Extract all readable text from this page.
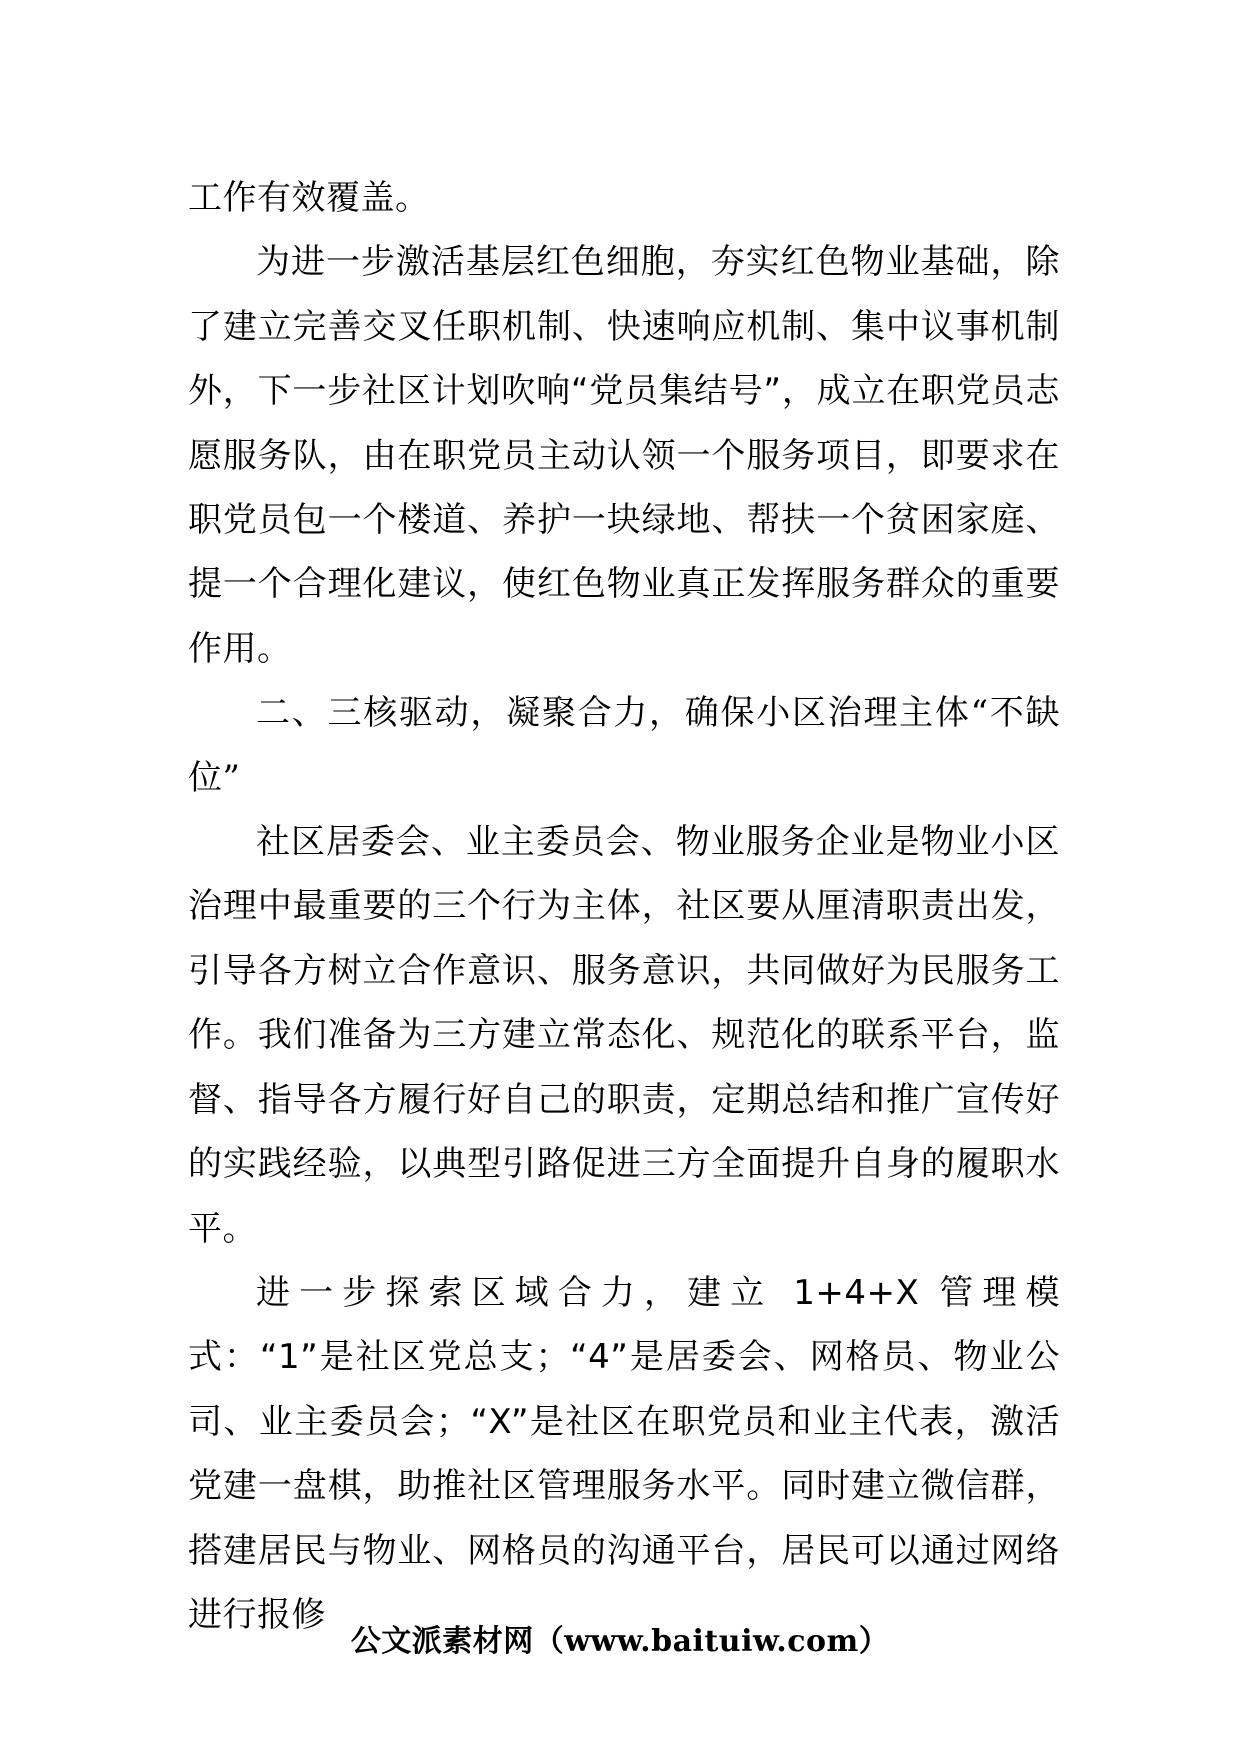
工作有效覆盖。

为进一步激活基层红色细胞，夯实红色物业基础，除了建立完善交叉任职机制、快速响应机制、集中议事机制外，下一步社区计划吹响“党员集结号”，成立在职党员志愿服务队，由在职党员主动认领一个服务项目，即要求在职党员包一个楼道、养护一块绿地、帮扶一个贫困家庭、提一个合理化建议，使红色物业真正发挥服务群众的重要作用。

二、三核驱动，凝聚合力，确保小区治理主体“不缺位”

社区居委会、业主委员会、物业服务企业是物业小区治理中最重要的三个行为主体，社区要从厘清职责出发，引导各方树立合作意识、服务意识，共同做好为民服务工作。我们准备为三方建立常态化、规范化的联系平台，监督、指导各方履行好自己的职责，定期总结和推广宣传好的实践经验，以典型引路促进三方全面提升自身的履职水平。

进一步探索区域合力，建立 1+4+X 管理模式：“1”是社区党总支；“4”是居委会、网格员、物业公司、业主委员会；“X”是社区在职党员和业主代表，激活党建一盘棋，助推社区管理服务水平。同时建立微信群，搭建居民与物业、网格员的沟通平台，居民可以通过网络进行报修

公文派素材网（www.baituiw.com）
